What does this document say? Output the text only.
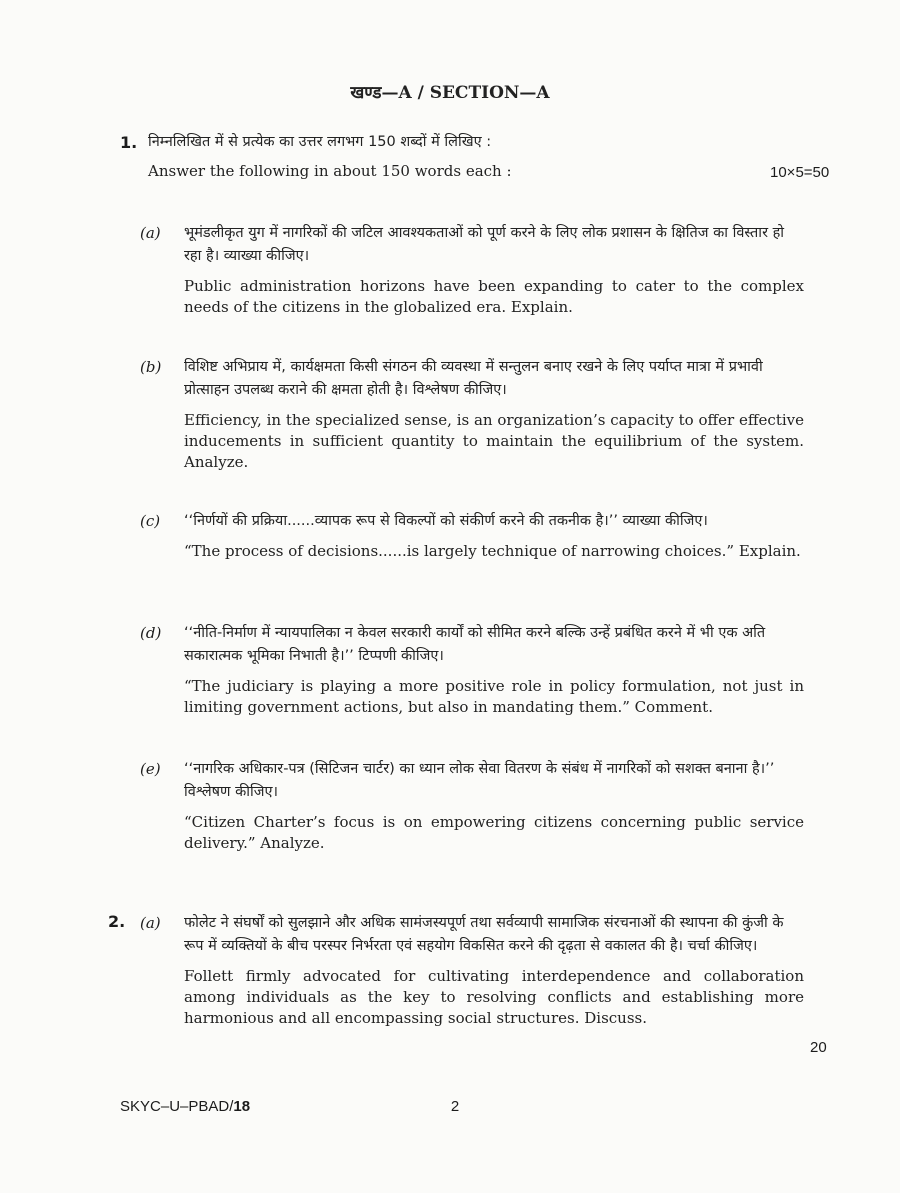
खण्ड—A / SECTION—A
1. निम्नलिखित में से प्रत्येक का उत्तर लगभग 150 शब्दों में लिखिए :
Answer the following in about 150 words each :	10×5=50
(a) भूमंडलीकृत युग में नागरिकों की जटिल आवश्यकताओं को पूर्ण करने के लिए लोक प्रशासन के क्षितिज का विस्तार हो रहा है। व्याख्या कीजिए।
Public administration horizons have been expanding to cater to the complex needs of the citizens in the globalized era. Explain.
(b) विशिष्ट अभिप्राय में, कार्यक्षमता किसी संगठन की व्यवस्था में सन्तुलन बनाए रखने के लिए पर्याप्त मात्रा में प्रभावी प्रोत्साहन उपलब्ध कराने की क्षमता होती है। विश्लेषण कीजिए।
Efficiency, in the specialized sense, is an organization’s capacity to offer effective inducements in sufficient quantity to maintain the equilibrium of the system. Analyze.
(c) ‘‘निर्णयों की प्रक्रिया......व्यापक रूप से विकल्पों को संकीर्ण करने की तकनीक है।’’ व्याख्या कीजिए।
“The process of decisions......is largely technique of narrowing choices.” Explain.
(d) ‘‘नीति-निर्माण में न्यायपालिका न केवल सरकारी कार्यों को सीमित करने बल्कि उन्हें प्रबंधित करने में भी एक अति सकारात्मक भूमिका निभाती है।’’ टिप्पणी कीजिए।
“The judiciary is playing a more positive role in policy formulation, not just in limiting government actions, but also in mandating them.” Comment.
(e) ‘‘नागरिक अधिकार-पत्र (सिटिजन चार्टर) का ध्यान लोक सेवा वितरण के संबंध में नागरिकों को सशक्त बनाना है।’’ विश्लेषण कीजिए।
“Citizen Charter’s focus is on empowering citizens concerning public service delivery.” Analyze.
2. (a) फोलेट ने संघर्षों को सुलझाने और अधिक सामंजस्यपूर्ण तथा सर्वव्यापी सामाजिक संरचनाओं की स्थापना की कुंजी के रूप में व्यक्तियों के बीच परस्पर निर्भरता एवं सहयोग विकसित करने की दृढ़ता से वकालत की है। चर्चा कीजिए।
Follett firmly advocated for cultivating interdependence and collaboration among individuals as the key to resolving conflicts and establishing more harmonious and all encompassing social structures. Discuss.
20
SKYC–U–PBAD/18	2
